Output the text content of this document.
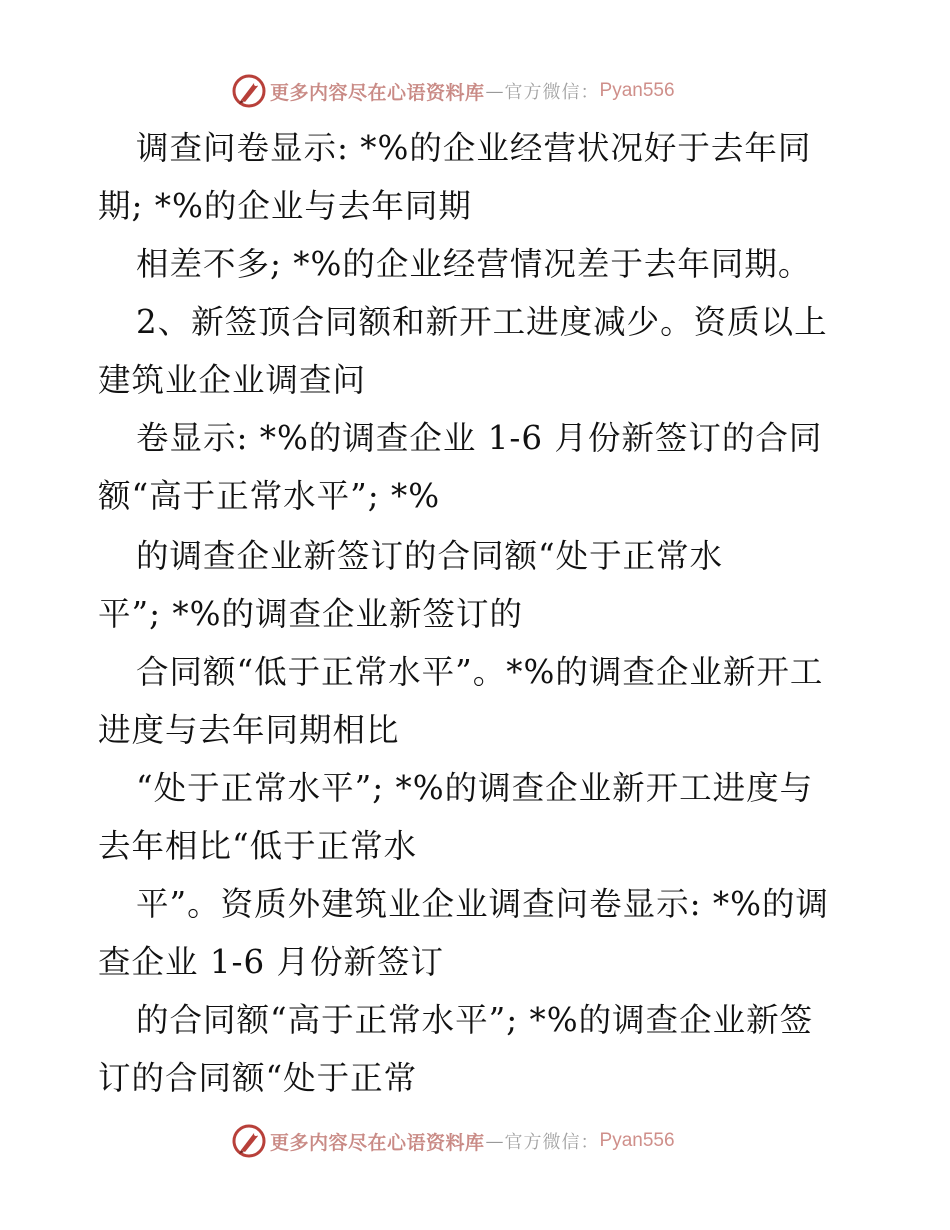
更多内容尽在心语资料库 — 官方微信： Pyan556
调查问卷显示: *%的企业经营状况好于去年同
期; *%的企业与去年同期
相差不多; *%的企业经营情况差于去年同期。
2、新签顶合同额和新开工进度减少。资质以上
建筑业企业调查问
卷显示: *%的调查企业 1-6 月份新签订的合同
额“高于正常水平”; *%
的调查企业新签订的合同额“处于正常水
平”; *%的调查企业新签订的
合同额“低于正常水平”。*%的调查企业新开工
进度与去年同期相比
“处于正常水平”; *%的调查企业新开工进度与
去年相比“低于正常水
平”。资质外建筑业企业调查问卷显示: *%的调
查企业 1-6 月份新签订
的合同额“高于正常水平”; *%的调查企业新签
订的合同额“处于正常
更多内容尽在心语资料库 — 官方微信： Pyan556
